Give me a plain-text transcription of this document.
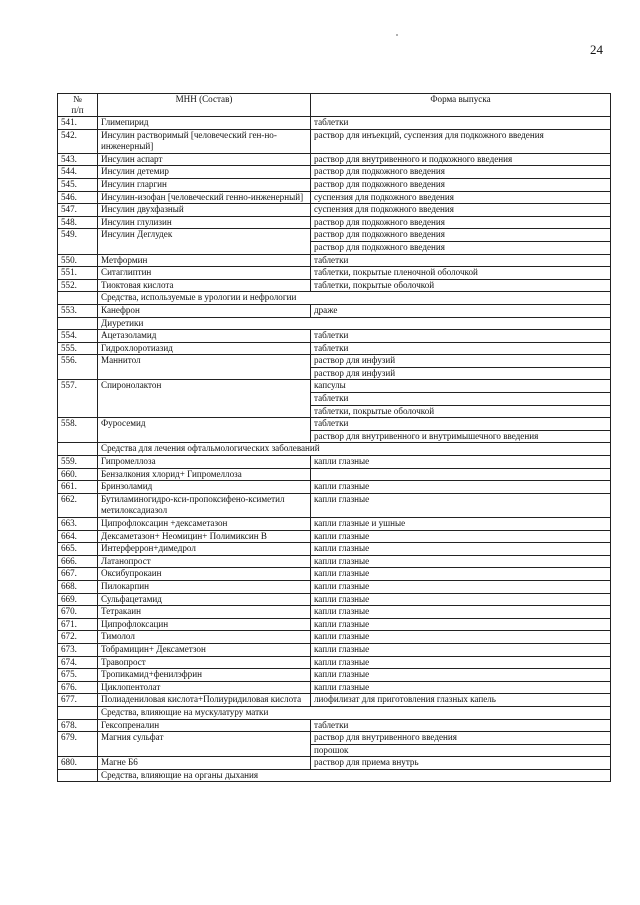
24
№
п/п	МНН (Состав)	Форма выпуска
541.	Глимепирид	таблетки

542.	Инсулин растворимый [человеческий ген-но-инженерный]	раствор для инъекций, суспензия для подкожного введения

543.	Инсулин аспарт	раствор для внутривенного и подкожного введения

544.	Инсулин детемир	раствор для подкожного введения

545.	Инсулин гларгин	раствор для подкожного введения

546.	Инсулин-изофан [человеческий генно-инженерный]	суспензия для подкожного введения

547.	Инсулин двухфазный	суспензия для подкожного введения

548.	Инсулин глулизин	раствор для подкожного введения

549.	Инсулин Деглудек	раствор для подкожного введения
раствор для подкожного введения

550.	Метформин	таблетки

551.	Ситаглиптин	таблетки, покрытые пленочной оболочкой

552.	Тиоктовая кислота	таблетки, покрытые оболочкой

	Средства, используемые в урологии и нефрологии	
553.	Канефрон	драже

	Диуретики	
554.	Ацетазоламид	таблетки

555.	Гидрохлоротиазид	таблетки

556.	Маннитол	раствор для инфузий
раствор для инфузий

557.	Спиронолактон	капсулы
таблетки
таблетки, покрытые оболочкой

558.	Фуросемид	таблетки
раствор для внутривенного и внутримышечного введения

	Средства для лечения офтальмологических заболеваний	
559.	Гипромеллоза	капли глазные

660.	Бензалкония хлорид+ Гипромеллоза	

661.	Бринзоламид	капли глазные

662.	Бутиламиногидро-кси-пропоксифено-ксиметил метилоксадиазол	капли глазные

663.	Ципрофлоксацин +дексаметазон	капли глазные и ушные

664.	Дексаметазон+ Неомицин+ Полимиксин В	капли глазные

665.	Интерферрон+димедрол	капли глазные

666.	Латанопрост	капли глазные

667.	Оксибупрокаин	капли глазные

668.	Пилокарпин	капли глазные

669.	Сульфацетамид	капли глазные

670.	Тетракаин	капли глазные

671.	Ципрофлоксацин	капли глазные

672.	Тимолол	капли глазные

673.	Тобрамицин+ Дексаметзон	капли глазные

674.	Травопрост	капли глазные

675.	Тропикамид+фенилэфрин	капли глазные

676.	Циклопентолат	капли глазные

677.	Полиадениловая кислота+Полиуридиловая кислота	лиофилизат для приготовления глазных капель

	Средства, влияющие на мускулатуру матки	
678.	Гексопреналин	таблетки

679.	Магния сульфат	раствор для внутривенного введения
порошок

680.	Магне Б6	раствор для приема внутрь

	Средства, влияющие на органы дыхания	
